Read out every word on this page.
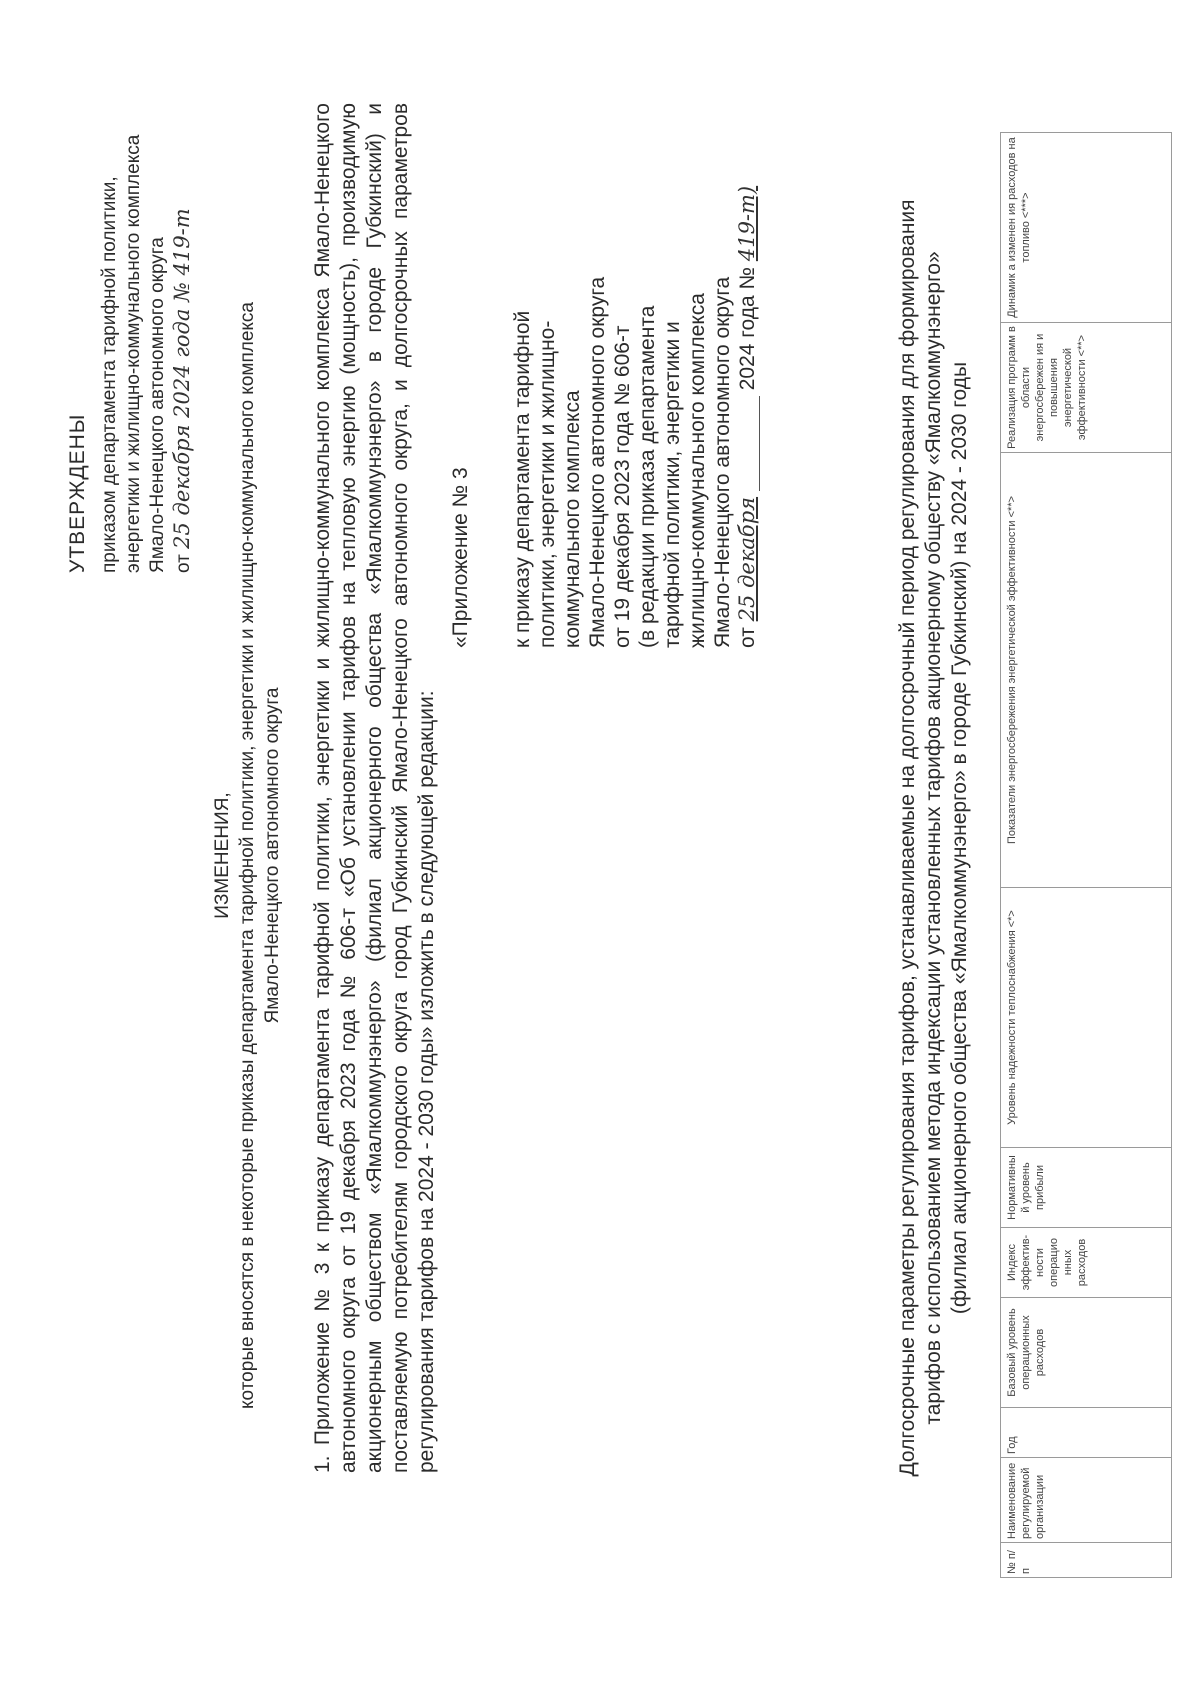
УТВЕРЖДЕНЫ приказом департамента тарифной политики, энергетики и жилищно-коммунального комплекса Ямало-Ненецкого автономного округа от 25 декабря 2024 года № 419-т
ИЗМЕНЕНИЯ, которые вносятся в некоторые приказы департамента тарифной политики, энергетики и жилищно-коммунального комплекса Ямало-Ненецкого автономного округа 1. Приложение № 3 к приказу департамента тарифной политики, энергетики и жилищно-коммунального комплекса Ямало-Ненецкого автономного округа от 19 декабря 2023 года № 606-т «Об установлении тарифов на тепловую энергию (мощность), производимую акционерным обществом «Ямалкоммунэнерго» (филиал акционерного общества «Ямалкоммунэнерго» в городе Губкинский) и поставляемую потребителям городского округа город Губкинский Ямало-Ненецкого автономного округа, и долгосрочных параметров регулирования тарифов на 2024 - 2030 годы» изложить в следующей редакции:
«Приложение № 3 к приказу департамента тарифной политики, энергетики и жилищно- коммунального комплекса Ямало-Ненецкого автономного округа от 19 декабря 2023 года № 606-т (в редакции приказа департамента тарифной политики, энергетики и жилищно-коммунального комплекса Ямало-Ненецкого автономного округа от 25 декабря  2024 года № 419-т)	Долгосрочные параметры регулирования тарифов, устанавливаемые на долгосрочный период регулирования для формирования тарифов с использованием метода индексации установленных тарифов акционерному обществу «Ямалкоммунэнерго» (филиал акционерного общества «Ямалкоммунэнерго» в городе Губкинский) на 2024 - 2030 годы
№ п/п	Наименование регулируемой организации	Год	Базовый уровень операционных расходов	Индекс эффектив-ности операцио нных расходов	Нормативны й уровень прибыли	Уровень надежности теплоснабжения <*>	Показатели энергосбережения энергетической эффективности <**>	Реализация программ в области энергосбережен ия и повышения энергетической эффективности <**>	Динамик а изменен ия расходов на топливо <***>
